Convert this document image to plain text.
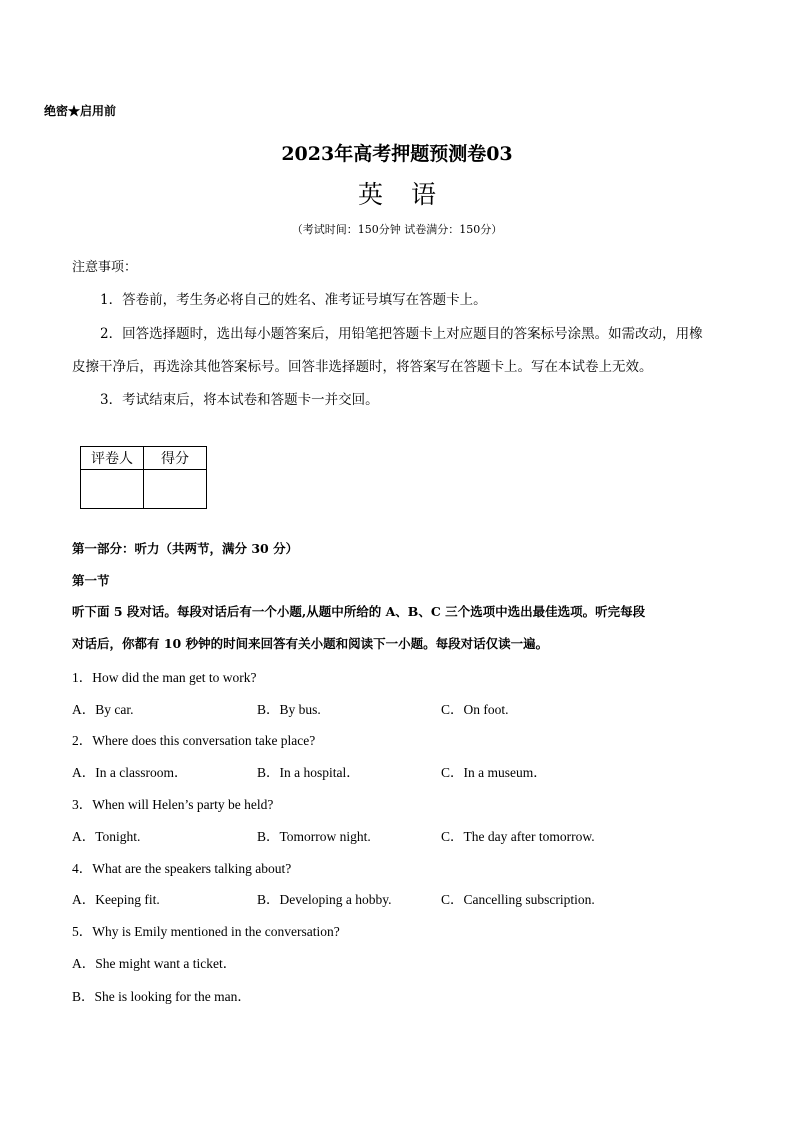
绝密★启用前
2023年高考押题预测卷03
英语
（考试时间：150分钟 试卷满分：150分）
注意事项：
1．答卷前，考生务必将自己的姓名、准考证号填写在答题卡上。
2．回答选择题时，选出每小题答案后，用铅笔把答题卡上对应题目的答案标号涂黑。如需改动，用橡
皮擦干净后，再选涂其他答案标号。回答非选择题时，将答案写在答题卡上。写在本试卷上无效。
3．考试结束后，将本试卷和答题卡一并交回。
评卷人	得分

第一部分：听力（共两节，满分 30 分）
第一节
听下面 5 段对话。每段对话后有一个小题,从题中所给的 A、B、C 三个选项中选出最佳选项。听完每段
对话后，你都有 10 秒钟的时间来回答有关小题和阅读下一小题。每段对话仅读一遍。
1．How did the man get to work?
A．By car.	B．By bus.	C．On foot.
2．Where does this conversation take place?
A．In a classroom．	B．In a hospital．	C．In a museum．
3．When will Helen’s party be held?
A．Tonight.	B．Tomorrow night.	C．The day after tomorrow.
4．What are the speakers talking about?
A．Keeping fit.	B．Developing a hobby.	C．Cancelling subscription.
5．Why is Emily mentioned in the conversation?
A．She might want a ticket．
B．She is looking for the man．
